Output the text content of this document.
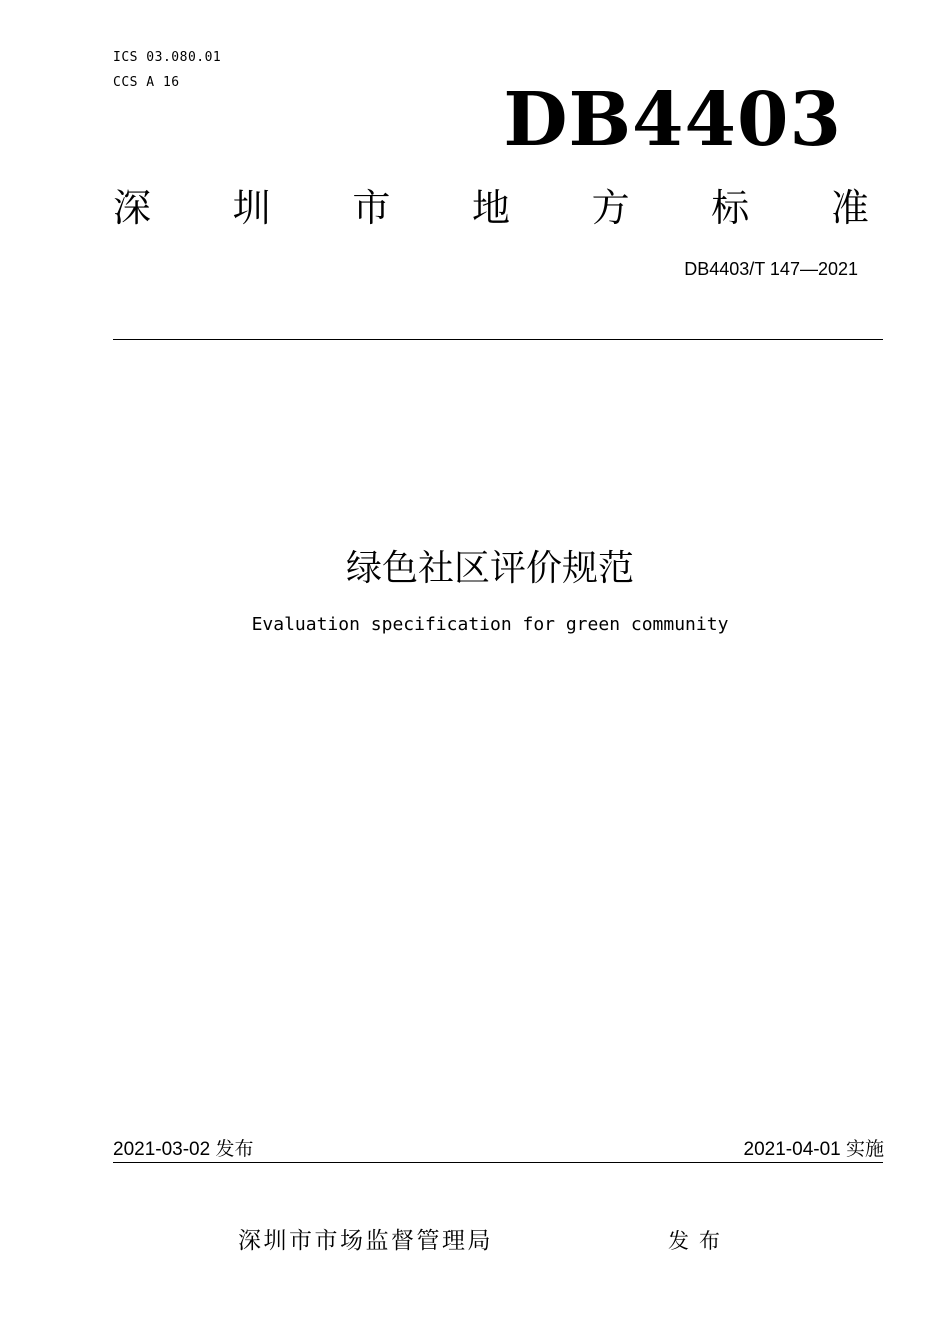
ICS 03.080.01
CCS A 16	DB4403
深 圳 市 地 方 标 准
DB4403/T 147—2021
绿色社区评价规范
Evaluation specification for green community
2021-03-02 发布	2021-04-01 实施
深圳市市场监督管理局	发布
